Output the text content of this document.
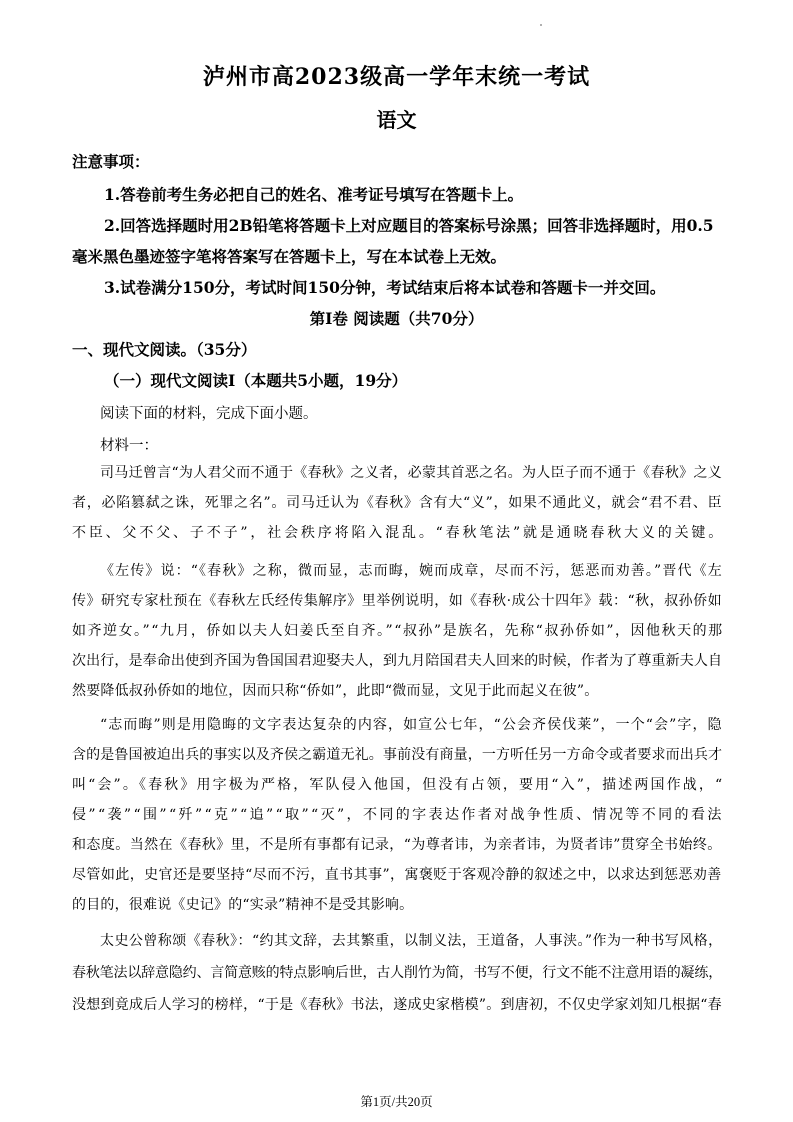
泸州市高2023级高一学年末统一考试
语文
注意事项：
1.答卷前考生务必把自己的姓名、准考证号填写在答题卡上。
2.回答选择题时用2B铅笔将答题卡上对应题目的答案标号涂黑；回答非选择题时，用0.5
毫米黑色墨迹签字笔将答案写在答题卡上，写在本试卷上无效。
3.试卷满分150分，考试时间150分钟，考试结束后将本试卷和答题卡一并交回。
第Ⅰ卷 阅读题（共70分）
一、现代文阅读。（35分）
（一）现代文阅读Ⅰ（本题共5小题，19分）
阅读下面的材料，完成下面小题。
材料一：
司马迁曾言“为人君父而不通于《春秋》之义者，必蒙其首恶之名。为人臣子而不通于《春秋》之义
者，必陷篡弑之诛，死罪之名”。司马迁认为《春秋》含有大“义”，如果不通此义，就会“君不君、臣
不臣、父不父、子不子”，社会秩序将陷入混乱。“春秋笔法”就是通晓春秋大义的关键。
《左传》说：“《春秋》之称，微而显，志而晦，婉而成章，尽而不污，惩恶而劝善。”晋代《左
传》研究专家杜预在《春秋左氏经传集解序》里举例说明，如《春秋·成公十四年》载：“秋，叔孙侨如
如齐逆女。”“九月，侨如以夫人妇姜氏至自齐。”“叔孙”是族名，先称“叔孙侨如”，因他秋天的那
次出行，是奉命出使到齐国为鲁国国君迎娶夫人，到九月陪国君夫人回来的时候，作者为了尊重新夫人自
然要降低叔孙侨如的地位，因而只称“侨如”，此即“微而显，文见于此而起义在彼”。
“志而晦”则是用隐晦的文字表达复杂的内容，如宣公七年，“公会齐侯伐莱”，一个“会”字，隐
含的是鲁国被迫出兵的事实以及齐侯之霸道无礼。事前没有商量，一方听任另一方命令或者要求而出兵才
叫“会”。《春秋》用字极为严格，军队侵入他国，但没有占领，要用“入”，描述两国作战，“
侵”“袭”“围”“歼”“克”“追”“取”“灭”，不同的字表达作者对战争性质、情况等不同的看法
和态度。当然在《春秋》里，不是所有事都有记录，“为尊者讳，为亲者讳，为贤者讳”贯穿全书始终。
尽管如此，史官还是要坚持“尽而不污，直书其事”，寓褒贬于客观冷静的叙述之中，以求达到惩恶劝善
的目的，很难说《史记》的“实录”精神不是受其影响。
太史公曾称颂《春秋》：“约其文辞，去其繁重，以制义法，王道备，人事浃。”作为一种书写风格，
春秋笔法以辞意隐约、言简意赅的特点影响后世，古人削竹为简，书写不便，行文不能不注意用语的凝练，
没想到竟成后人学习的榜样，“于是《春秋》书法，遂成史家楷模”。到唐初，不仅史学家刘知几根据“春
第1页/共20页
